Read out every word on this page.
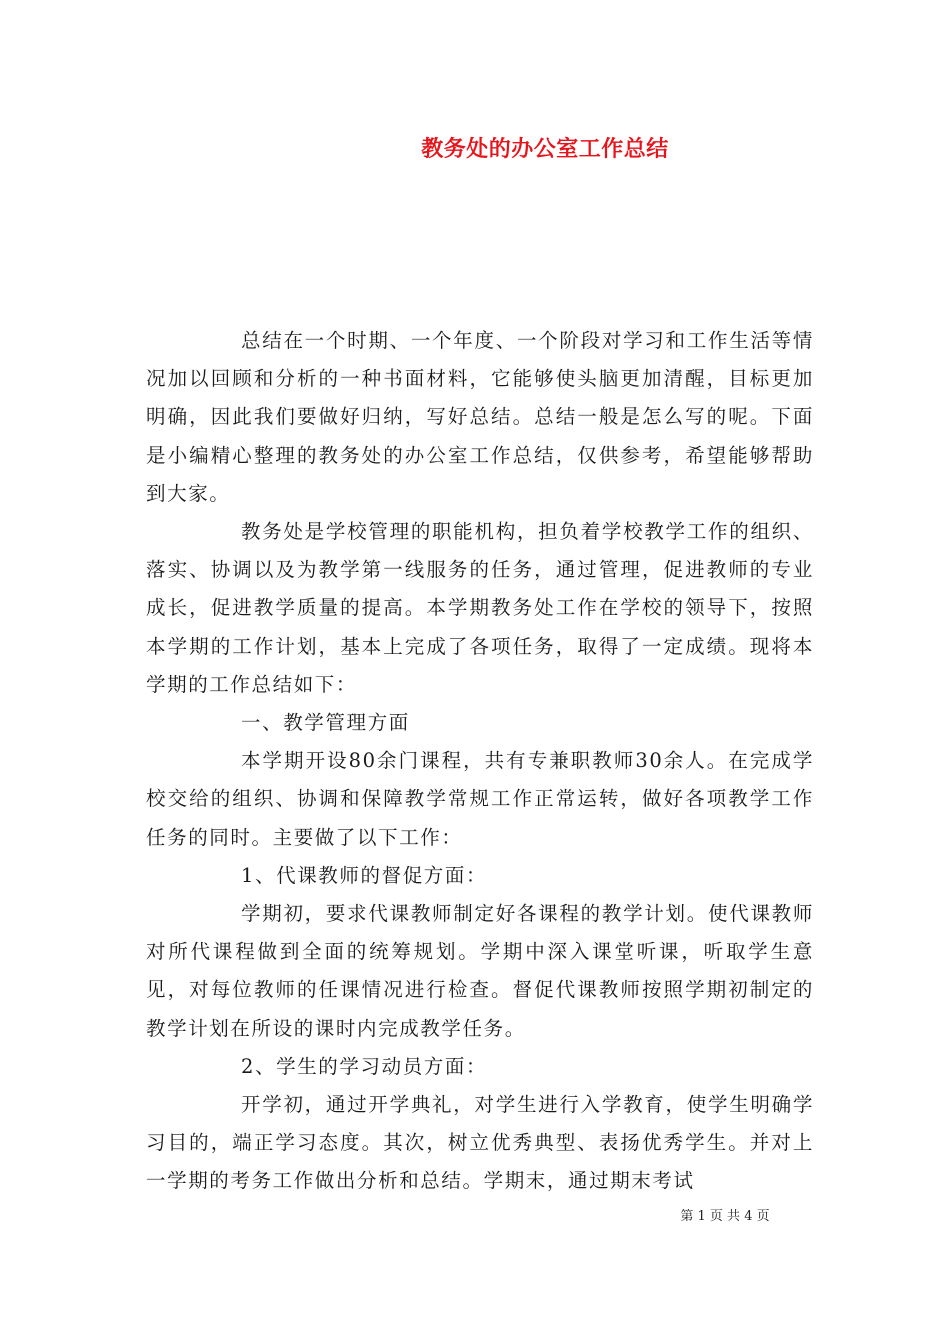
教务处的办公室工作总结

总结在一个时期、一个年度、一个阶段对学习和工作生活等情况加以回顾和分析的一种书面材料，它能够使头脑更加清醒，目标更加明确，因此我们要做好归纳，写好总结。总结一般是怎么写的呢。下面是小编精心整理的教务处的办公室工作总结，仅供参考，希望能够帮助到大家。

教务处是学校管理的职能机构，担负着学校教学工作的组织、落实、协调以及为教学第一线服务的任务，通过管理，促进教师的专业成长，促进教学质量的提高。本学期教务处工作在学校的领导下，按照本学期的工作计划，基本上完成了各项任务，取得了一定成绩。现将本学期的工作总结如下：

一、教学管理方面

本学期开设80余门课程，共有专兼职教师30余人。在完成学校交给的组织、协调和保障教学常规工作正常运转，做好各项教学工作任务的同时。主要做了以下工作：

1、代课教师的督促方面：

学期初，要求代课教师制定好各课程的教学计划。使代课教师对所代课程做到全面的统筹规划。学期中深入课堂听课，听取学生意见，对每位教师的任课情况进行检查。督促代课教师按照学期初制定的教学计划在所设的课时内完成教学任务。

2、学生的学习动员方面：

开学初，通过开学典礼，对学生进行入学教育，使学生明确学习目的，端正学习态度。其次，树立优秀典型、表扬优秀学生。并对上一学期的考务工作做出分析和总结。学期末，通过期末考试

第 1 页 共 4 页
